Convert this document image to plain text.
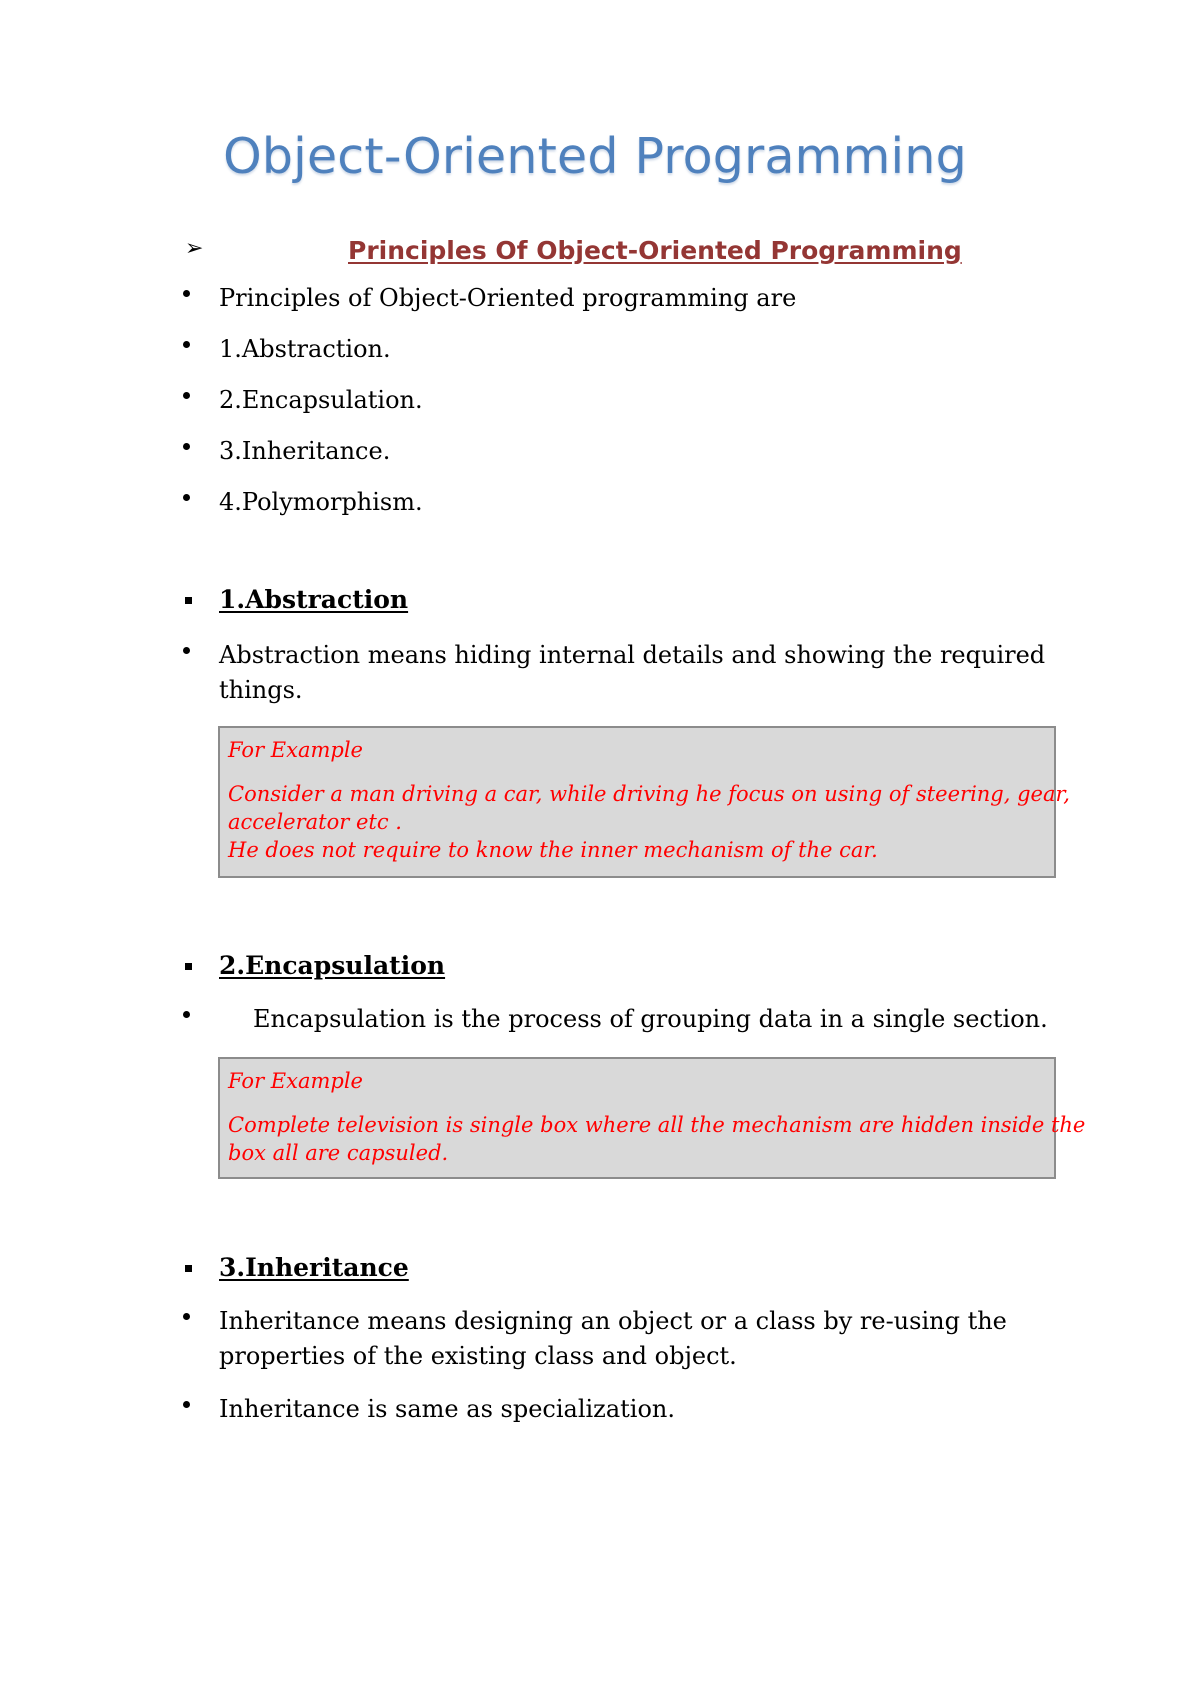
Object-Oriented Programming
➢	Principles Of Object-Oriented Programming
Principles of Object-Oriented programming are
1.Abstraction.
2.Encapsulation.
3.Inheritance.
4.Polymorphism.
1.Abstraction
Abstraction means hiding internal details and showing the required
things.
For Example
Consider a man driving a car, while driving he focus on using of steering, gear,
accelerator etc .
He does not require to know the inner mechanism of the car.
2.Encapsulation
Encapsulation is the process of grouping data in a single section.
For Example
Complete television is single box where all the mechanism are hidden inside the
box all are capsuled.
3.Inheritance
Inheritance means designing an object or a class by re-using the
properties of the existing class and object.
Inheritance is same as specialization.
